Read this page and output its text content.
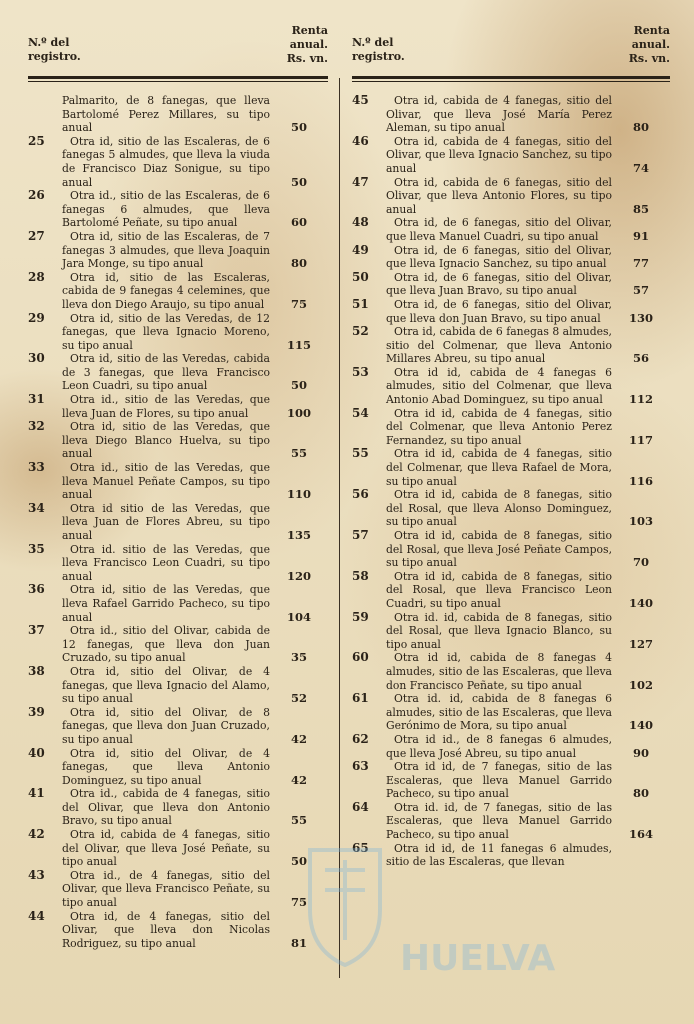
N.º del
registro.
Renta
anual.
Rs. vn.
Palmarito, de 8 fanegas, que lleva Bartolomé Perez Millares, su tipo anual	50
25	Otra id, sitio de las Escaleras, de 6 fanegas 5 almudes, que lleva la viuda de Francisco Diaz Sonigue, su tipo anual	50
26	Otra id., sitio de las Escaleras, de 6 fanegas 6 almudes, que lleva Bartolomé Peñate, su tipo anual	60
27	Otra id, sitio de las Escaleras, de 7 fanegas 3 almudes, que lleva Joaquin Jara Monge, su tipo anual	80
28	Otra id, sitio de las Escaleras, cabida de 9 fanegas 4 celemines, que lleva don Diego Araujo, su tipo anual	75
29	Otra id, sitio de las Veredas, de 12 fanegas, que lleva Ignacio Moreno, su tipo anual	115
30	Otra id, sitio de las Veredas, cabida de 3 fanegas, que lleva Francisco Leon Cuadri, su tipo anual	50
31	Otra id., sitio de las Veredas, que lleva Juan de Flores, su tipo anual	100
32	Otra id, sitio de las Veredas, que lleva Diego Blanco Huelva, su tipo anual	55
33	Otra id., sitio de las Veredas, que lleva Manuel Peñate Campos, su tipo anual	110
34	Otra id sitio de las Veredas, que lleva Juan de Flores Abreu, su tipo anual	135
35	Otra id. sitio de las Veredas, que lleva Francisco Leon Cuadri, su tipo anual	120
36	Otra id, sitio de las Veredas, que lleva Rafael Garrido Pacheco, su tipo anual	104
37	Otra id., sitio del Olivar, cabida de 12 fanegas, que lleva don Juan Cruzado, su tipo anual	35
38	Otra id, sitio del Olivar, de 4 fanegas, que lleva Ignacio del Alamo, su tipo anual	52
39	Otra id, sitio del Olivar, de 8 fanegas, que lleva don Juan Cruzado, su tipo anual	42
40	Otra id, sitio del Olivar, de 4 fanegas, que lleva Antonio Dominguez, su tipo anual	42
41	Otra id., cabida de 4 fanegas, sitio del Olivar, que lleva don Antonio Bravo, su tipo anual	55
42	Otra id, cabida de 4 fanegas, sitio del Olivar, que lleva José Peñate, su tipo anual	50
43	Otra id., de 4 fanegas, sitio del Olivar, que lleva Francisco Peñate, su tipo anual	75
44	Otra id, de 4 fanegas, sitio del Olivar, que lleva don Nicolas Rodriguez, su tipo anual	81
N.º del
registro.
Renta
anual.
Rs. vn.
45	Otra id, cabida de 4 fanegas, sitio del Olivar, que lleva José María Perez Aleman, su tipo anual	80
46	Otra id, cabida de 4 fanegas, sitio del Olivar, que lleva Ignacio Sanchez, su tipo anual	74
47	Otra id, cabida de 6 fanegas, sitio del Olivar, que lleva Antonio Flores, su tipo anual	85
48	Otra id, de 6 fanegas, sitio del Olivar, que lleva Manuel Cuadri, su tipo anual	91
49	Otra id, de 6 fanegas, sitio del Olivar, que lleva Ignacio Sanchez, su tipo anual	77
50	Otra id, de 6 fanegas, sitio del Olivar, que lleva Juan Bravo, su tipo anual	57
51	Otra id, de 6 fanegas, sitio del Olivar, que lleva don Juan Bravo, su tipo anual	130
52	Otra id, cabida de 6 fanegas 8 almudes, sitio del Colmenar, que lleva Antonio Millares Abreu, su tipo anual	56
53	Otra id id, cabida de 4 fanegas 6 almudes, sitio del Colmenar, que lleva Antonio Abad Dominguez, su tipo anual	112
54	Otra id id, cabida de 4 fanegas, sitio del Colmenar, que lleva Antonio Perez Fernandez, su tipo anual	117
55	Otra id id, cabida de 4 fanegas, sitio del Colmenar, que lleva Rafael de Mora, su tipo anual	116
56	Otra id id, cabida de 8 fanegas, sitio del Rosal, que lleva Alonso Dominguez, su tipo anual	103
57	Otra id id, cabida de 8 fanegas, sitio del Rosal, que lleva José Peñate Campos, su tipo anual	70
58	Otra id id, cabida de 8 fanegas, sitio del Rosal, que lleva Francisco Leon Cuadri, su tipo anual	140
59	Otra id. id, cabida de 8 fanegas, sitio del Rosal, que lleva Ignacio Blanco, su tipo anual	127
60	Otra id id, cabida de 8 fanegas 4 almudes, sitio de las Escaleras, que lleva don Francisco Peñate, su tipo anual	102
61	Otra id. id, cabida de 8 fanegas 6 almudes, sitio de las Escaleras, que lleva Gerónimo de Mora, su tipo anual	140
62	Otra id id., de 8 fanegas 6 almudes, que lleva José Abreu, su tipo anual	90
63	Otra id id, de 7 fanegas, sitio de las Escaleras, que lleva Manuel Garrido Pacheco, su tipo anual	80
64	Otra id. id, de 7 fanegas, sitio de las Escaleras, que lleva Manuel Garrido Pacheco, su tipo anual	164
65	Otra id id, de 11 fanegas 6 almudes, sitio de las Escaleras, que llevan
HUELVA
